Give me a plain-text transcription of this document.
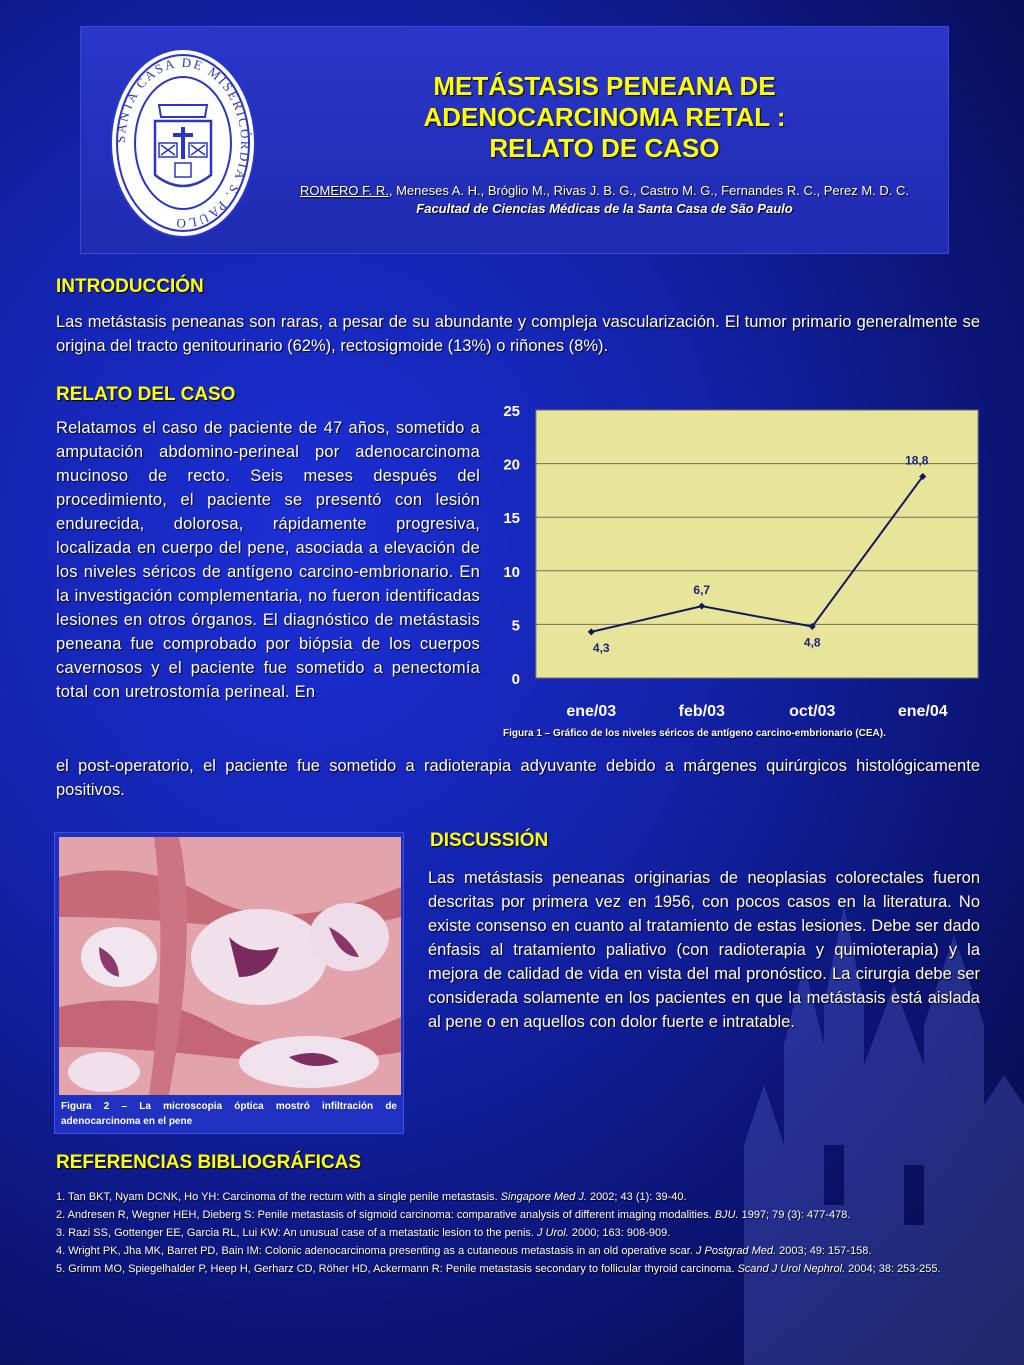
SANTA CASA DE MISERICÓRDIA S. PAULO
METÁSTASIS PENEANA DE
ADENOCARCINOMA RETAL :
RELATO DE CASO
ROMERO F. R., Meneses A. H., Bróglio M., Rivas J. B. G., Castro M. G., Fernandes R. C., Perez M. D. C.
Facultad de Ciencias Médicas de la Santa Casa de São Paulo
INTRODUCCIÓN

Las metástasis peneanas son raras, a pesar de su abundante y compleja vascularización. El tumor primario generalmente se origina del tracto genitourinario (62%), rectosigmoide (13%) o riñones (8%).

RELATO DEL CASO

Relatamos el caso de paciente de 47 años, sometido a amputación abdomino-perineal por adenocarcinoma mucinoso de recto. Seis meses después del procedimiento, el paciente se presentó con lesión endurecida, dolorosa, rápidamente progresiva, localizada en cuerpo del pene, asociada a elevación de los niveles séricos de antígeno carcino-embrionario. En la investigación complementaria, no fueron identificadas lesiones en otros órganos. El diagnóstico de metástasis peneana fue comprobado por biópsia de los cuerpos cavernosos y el paciente fue sometido a penectomía total con uretrostomía perineal. En

el post-operatorio, el paciente fue sometido a radioterapia adyuvante debido a márgenes quirúrgicos histológicamente positivos.

0
5
10
15
20
25
ene/03	feb/03	oct/03	ene/04
4,3
6,7
4,8
18,8
Figura 1 – Gráfico de los niveles séricos de antígeno carcino-embrionario (CEA).
DISCUSSIÓN

Las metástasis peneanas originarias de neoplasias colorectales fueron descritas por primera vez en 1956, con pocos casos en la literatura. No existe consenso en cuanto al tratamiento de estas lesiones. Debe ser dado énfasis al tratamiento paliativo (con radioterapia y quimioterapia) y la mejora de calidad de vida en vista del mal pronóstico. La cirurgia debe ser considerada solamente en los pacientes en que la metástasis está aislada al pene o en aquellos con dolor fuerte e intratable.

Figura 2 – La microscopia óptica mostró infiltración de adenocarcinoma en el pene
REFERENCIAS BIBLIOGRÁFICAS
1. Tan BKT, Nyam DCNK, Ho YH: Carcinoma of the rectum with a single penile metastasis. Singapore Med J. 2002; 43 (1): 39-40.
2. Andresen R, Wegner HEH, Dieberg S: Penile metastasis of sigmoid carcinoma: comparative analysis of different imaging modalities. BJU. 1997; 79 (3): 477-478.
3. Razi SS, Gottenger EE, Garcia RL, Lui KW: An unusual case of a metastatic lesion to the penis. J Urol. 2000; 163: 908-909.
4. Wright PK, Jha MK, Barret PD, Bain IM: Colonic adenocarcinoma presenting as a cutaneous metastasis in an old operative scar. J Postgrad Med. 2003; 49: 157-158.
5. Grimm MO, Spiegelhalder P, Heep H, Gerharz CD, Röher HD, Ackermann R: Penile metastasis secondary to follicular thyroid carcinoma. Scand J Urol Nephrol. 2004; 38: 253-255.
